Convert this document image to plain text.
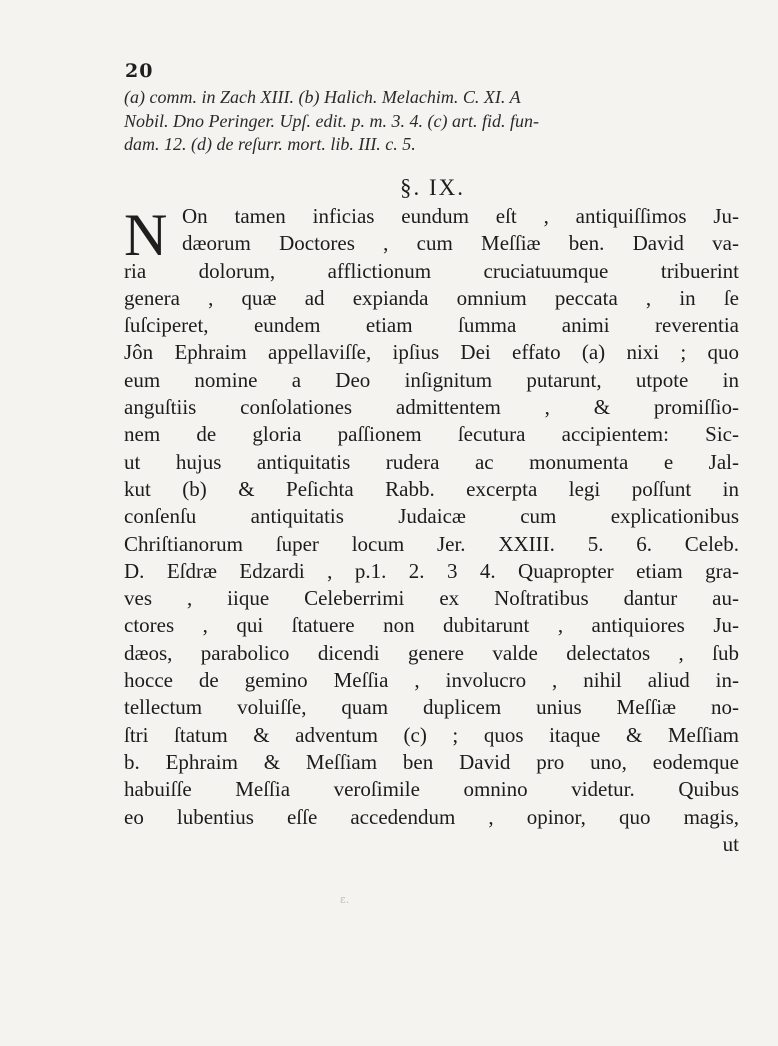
20
(a) comm. in Zach XIII. (b) Halich. Melachim. C. XI. A
Nobil. Dno Peringer. Upſ. edit. p. m. 3. 4. (c) art. fid. fun-
dam. 12. (d) de reſurr. mort. lib. III. c. 5.
§. IX.
N On tamen inficias eundum eſt , antiquiſſimos Ju-
dæorum Doctores , cum Meſſiæ ben. David va-
ria dolorum, afflictionum cruciatuumque tribuerint
genera , quæ ad expianda omnium peccata , in ſe
ſuſciperet, eundem etiam ſumma animi reverentia
Jôn Ephraim appellaviſſe, ipſius Dei effato (a) nixi ; quo
eum nomine a Deo inſignitum putarunt, utpote in
anguſtiis conſolationes admittentem , & promiſſio-
nem de gloria paſſionem ſecutura accipientem: Sic-
ut hujus antiquitatis rudera ac monumenta e Jal-
kut (b) & Peſichta Rabb. excerpta legi poſſunt in
conſenſu antiquitatis Judaicæ cum explicationibus
Chriſtianorum ſuper locum Jer. XXIII. 5. 6. Celeb.
D. Eſdræ Edzardi , p.1. 2. 3 4. Quapropter etiam gra-
ves , iique Celeberrimi ex Noſtratibus dantur au-
ctores , qui ſtatuere non dubitarunt , antiquiores Ju-
dæos, parabolico dicendi genere valde delectatos , ſub
hocce de gemino Meſſia , involucro , nihil aliud in-
tellectum voluiſſe, quam duplicem unius Meſſiæ no-
ſtri ſtatum & adventum (c) ; quos itaque & Meſſiam
b. Ephraim & Meſſiam ben David pro uno, eodemque
habuiſſe Meſſia veroſimile omnino videtur. Quibus
eo lubentius eſſe accedendum , opinor, quo magis,
ut
ε.
